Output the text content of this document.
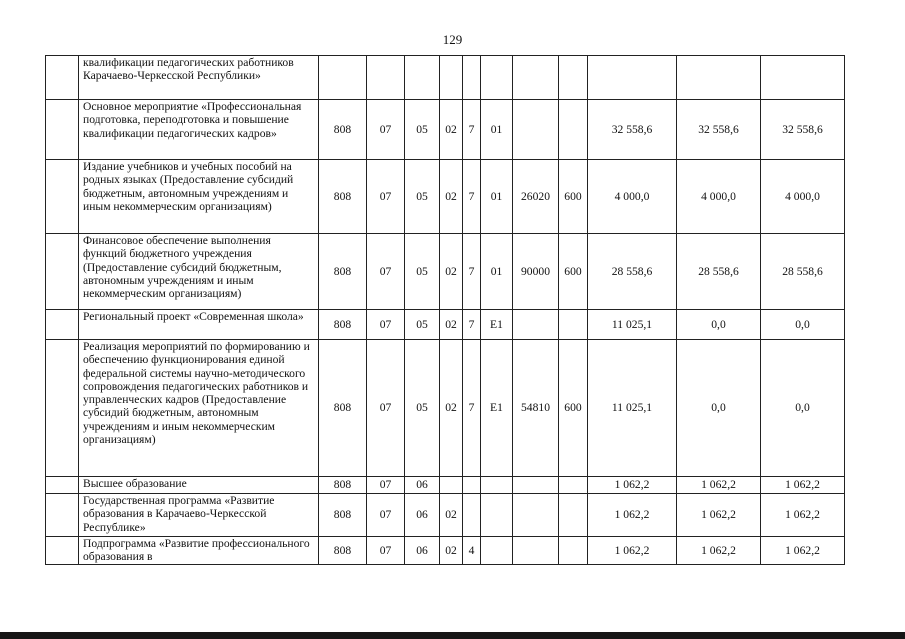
129
	квалификации педагогических работников Карачаево-Черкесской Республики»											
	Основное мероприятие «Профессиональная подготовка, переподготовка и повышение квалификации педагогических кадров»	808	07	05	02	7	01			32 558,6	32 558,6	32 558,6
	Издание учебников и учебных пособий на родных языках (Предоставление субсидий бюджетным, автономным учреждениям и иным некоммерческим организациям)	808	07	05	02	7	01	26020	600	4 000,0	4 000,0	4 000,0
	Финансовое обеспечение выполнения функций бюджетного учреждения (Предоставление субсидий бюджетным, автономным учреждениям и иным некоммерческим организациям)	808	07	05	02	7	01	90000	600	28 558,6	28 558,6	28 558,6
	Региональный проект «Современная школа»	808	07	05	02	7	E1			11 025,1	0,0	0,0
	Реализация мероприятий по формированию и обеспечению функционирования единой федеральной системы научно-методического сопровождения педагогических работников и управленческих кадров (Предоставление субсидий бюджетным, автономным учреждениям и иным некоммерческим организациям)	808	07	05	02	7	E1	54810	600	11 025,1	0,0	0,0
	Высшее образование	808	07	06						1 062,2	1 062,2	1 062,2
	Государственная программа «Развитие образования в Карачаево-Черкесской Республике»	808	07	06	02					1 062,2	1 062,2	1 062,2
	Подпрограмма «Развитие профессионального образования в	808	07	06	02	4				1 062,2	1 062,2	1 062,2
